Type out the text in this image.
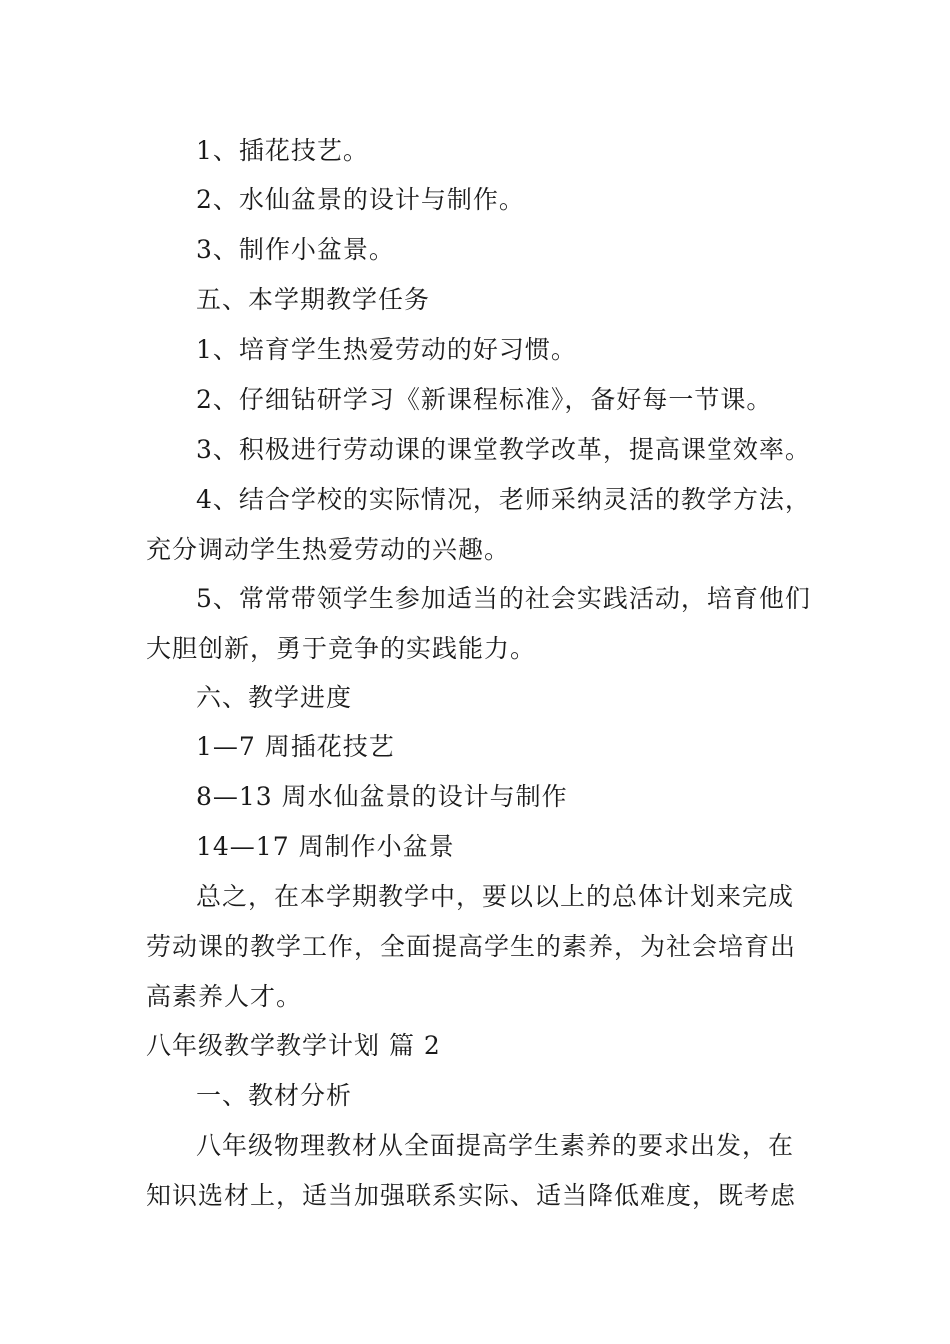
1、插花技艺。
2、水仙盆景的设计与制作。
3、制作小盆景。
五、本学期教学任务
1、培育学生热爱劳动的好习惯。
2、仔细钻研学习《新课程标准》，备好每一节课。
3、积极进行劳动课的课堂教学改革，提高课堂效率。
4、结合学校的实际情况，老师采纳灵活的教学方法，
充分调动学生热爱劳动的兴趣。
5、常常带领学生参加适当的社会实践活动，培育他们
大胆创新，勇于竞争的实践能力。
六、教学进度
1—7 周插花技艺
8—13 周水仙盆景的设计与制作
14—17 周制作小盆景
总之，在本学期教学中，要以以上的总体计划来完成
劳动课的教学工作，全面提高学生的素养，为社会培育出
高素养人才。
八年级教学教学计划 篇 2
一、教材分析
八年级物理教材从全面提高学生素养的要求出发，在
知识选材上，适当加强联系实际、适当降低难度，既考虑
